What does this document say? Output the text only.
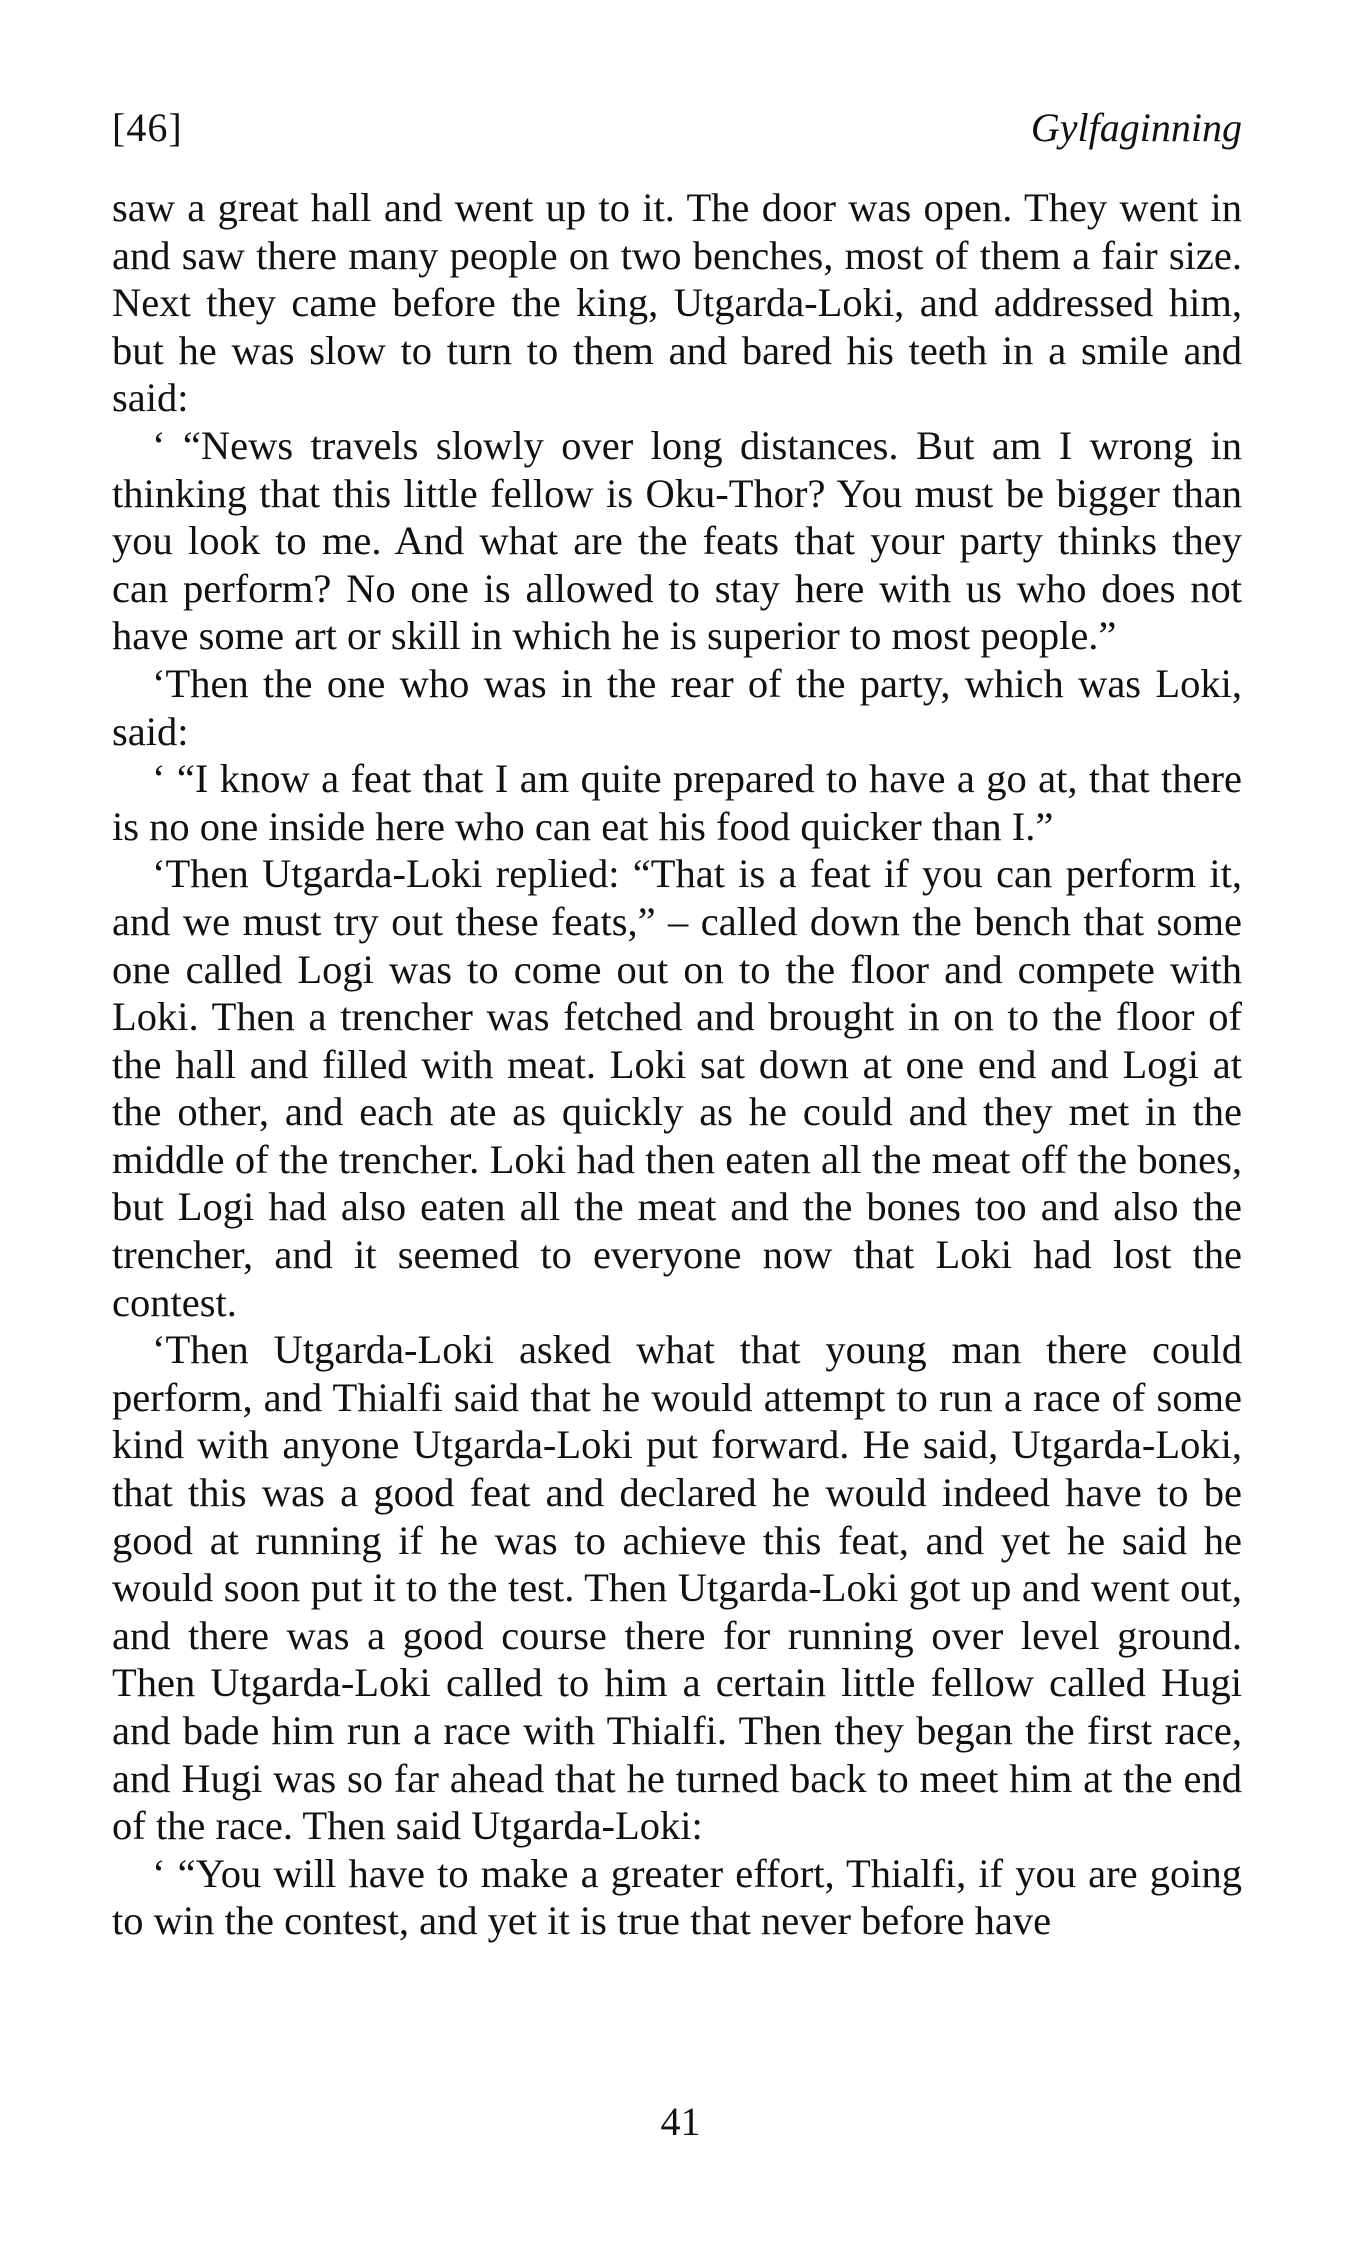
[46]	Gylfaginning

saw a great hall and went up to it. The door was open. They went in and saw there many people on two benches, most of them a fair size. Next they came before the king, Utgarda-Loki, and addressed him, but he was slow to turn to them and bared his teeth in a smile and said:

‘ “News travels slowly over long distances. But am I wrong in thinking that this little fellow is Oku-Thor? You must be bigger than you look to me. And what are the feats that your party thinks they can perform? No one is allowed to stay here with us who does not have some art or skill in which he is superior to most people.”

‘Then the one who was in the rear of the party, which was Loki, said:

‘ “I know a feat that I am quite prepared to have a go at, that there is no one inside here who can eat his food quicker than I.”

‘Then Utgarda-Loki replied: “That is a feat if you can perform it, and we must try out these feats,” – called down the bench that some one called Logi was to come out on to the floor and compete with Loki. Then a trencher was fetched and brought in on to the floor of the hall and filled with meat. Loki sat down at one end and Logi at the other, and each ate as quickly as he could and they met in the middle of the trencher. Loki had then eaten all the meat off the bones, but Logi had also eaten all the meat and the bones too and also the trencher, and it seemed to everyone now that Loki had lost the contest.

‘Then Utgarda-Loki asked what that young man there could perform, and Thialfi said that he would attempt to run a race of some kind with anyone Utgarda-Loki put forward. He said, Utgarda-Loki, that this was a good feat and declared he would indeed have to be good at running if he was to achieve this feat, and yet he said he would soon put it to the test. Then Utgarda-Loki got up and went out, and there was a good course there for running over level ground. Then Utgarda-Loki called to him a certain little fellow called Hugi and bade him run a race with Thialfi. Then they began the first race, and Hugi was so far ahead that he turned back to meet him at the end of the race. Then said Utgarda-Loki:

‘ “You will have to make a greater effort, Thialfi, if you are going to win the contest, and yet it is true that never before have

41
